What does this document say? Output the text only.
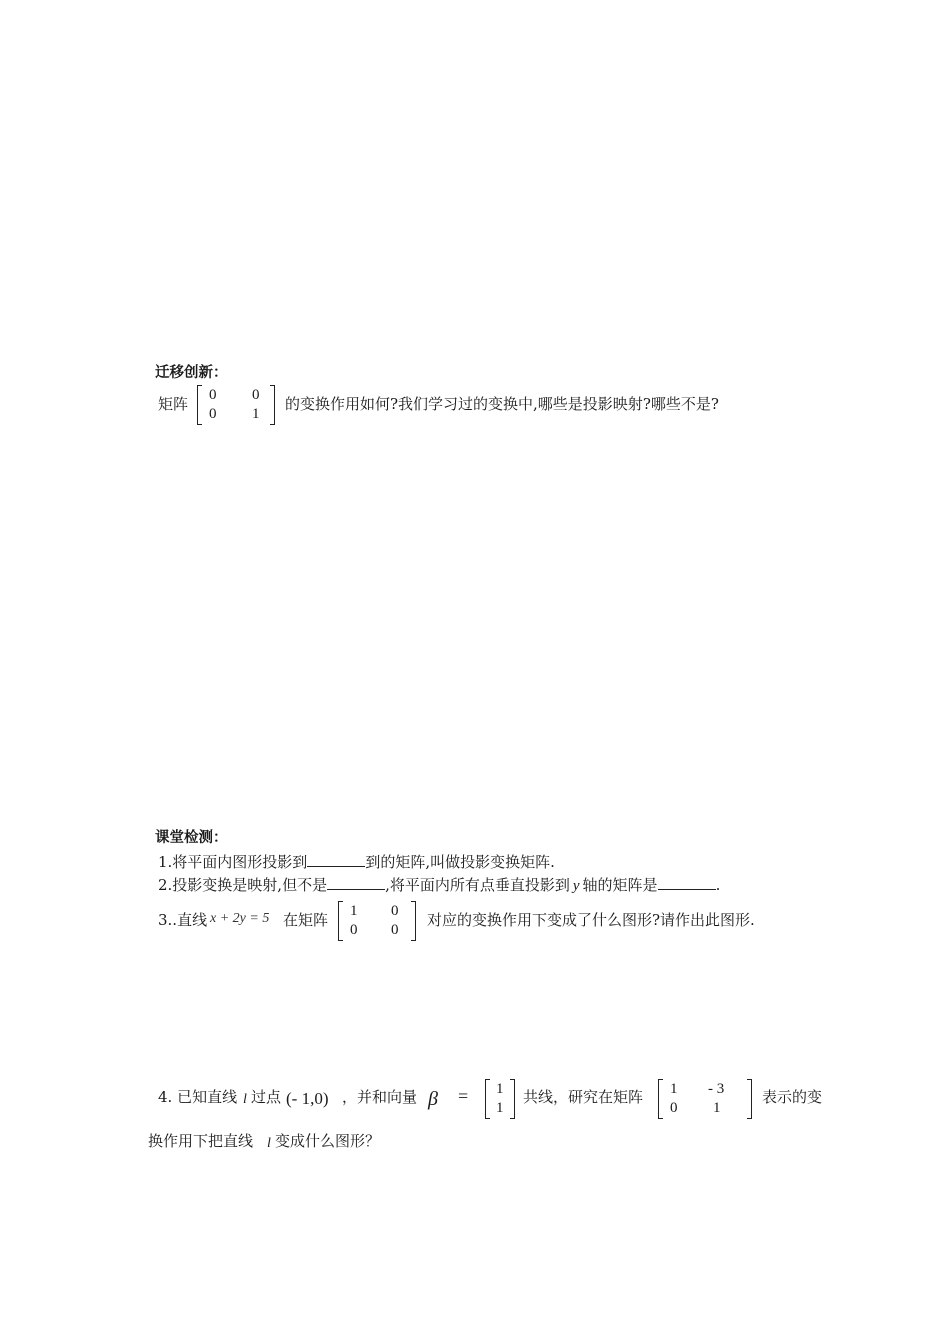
迁移创新：
矩阵 0 0
0 1
的变换作用如何?我们学习过的变换中,哪些是投影映射?哪些不是?
课堂检测：
1.将平面内图形投影到	到的矩阵,叫做投影变换矩阵.
2.投影变换是映射,但不是	,将平面内所有点垂直投影到 y 轴的矩阵是	.
3..直线 x + 2y = 5 在矩阵 1 0
0 0
对应的变换作用下变成了什么图形?请作出此图形.
4. 已知直线 l 过点 (- 1,0) ，并和向量 β = 1
1
共线，研究在矩阵 1 - 3
0 1
表示的变
换作用下把直线 l 变成什么图形？
